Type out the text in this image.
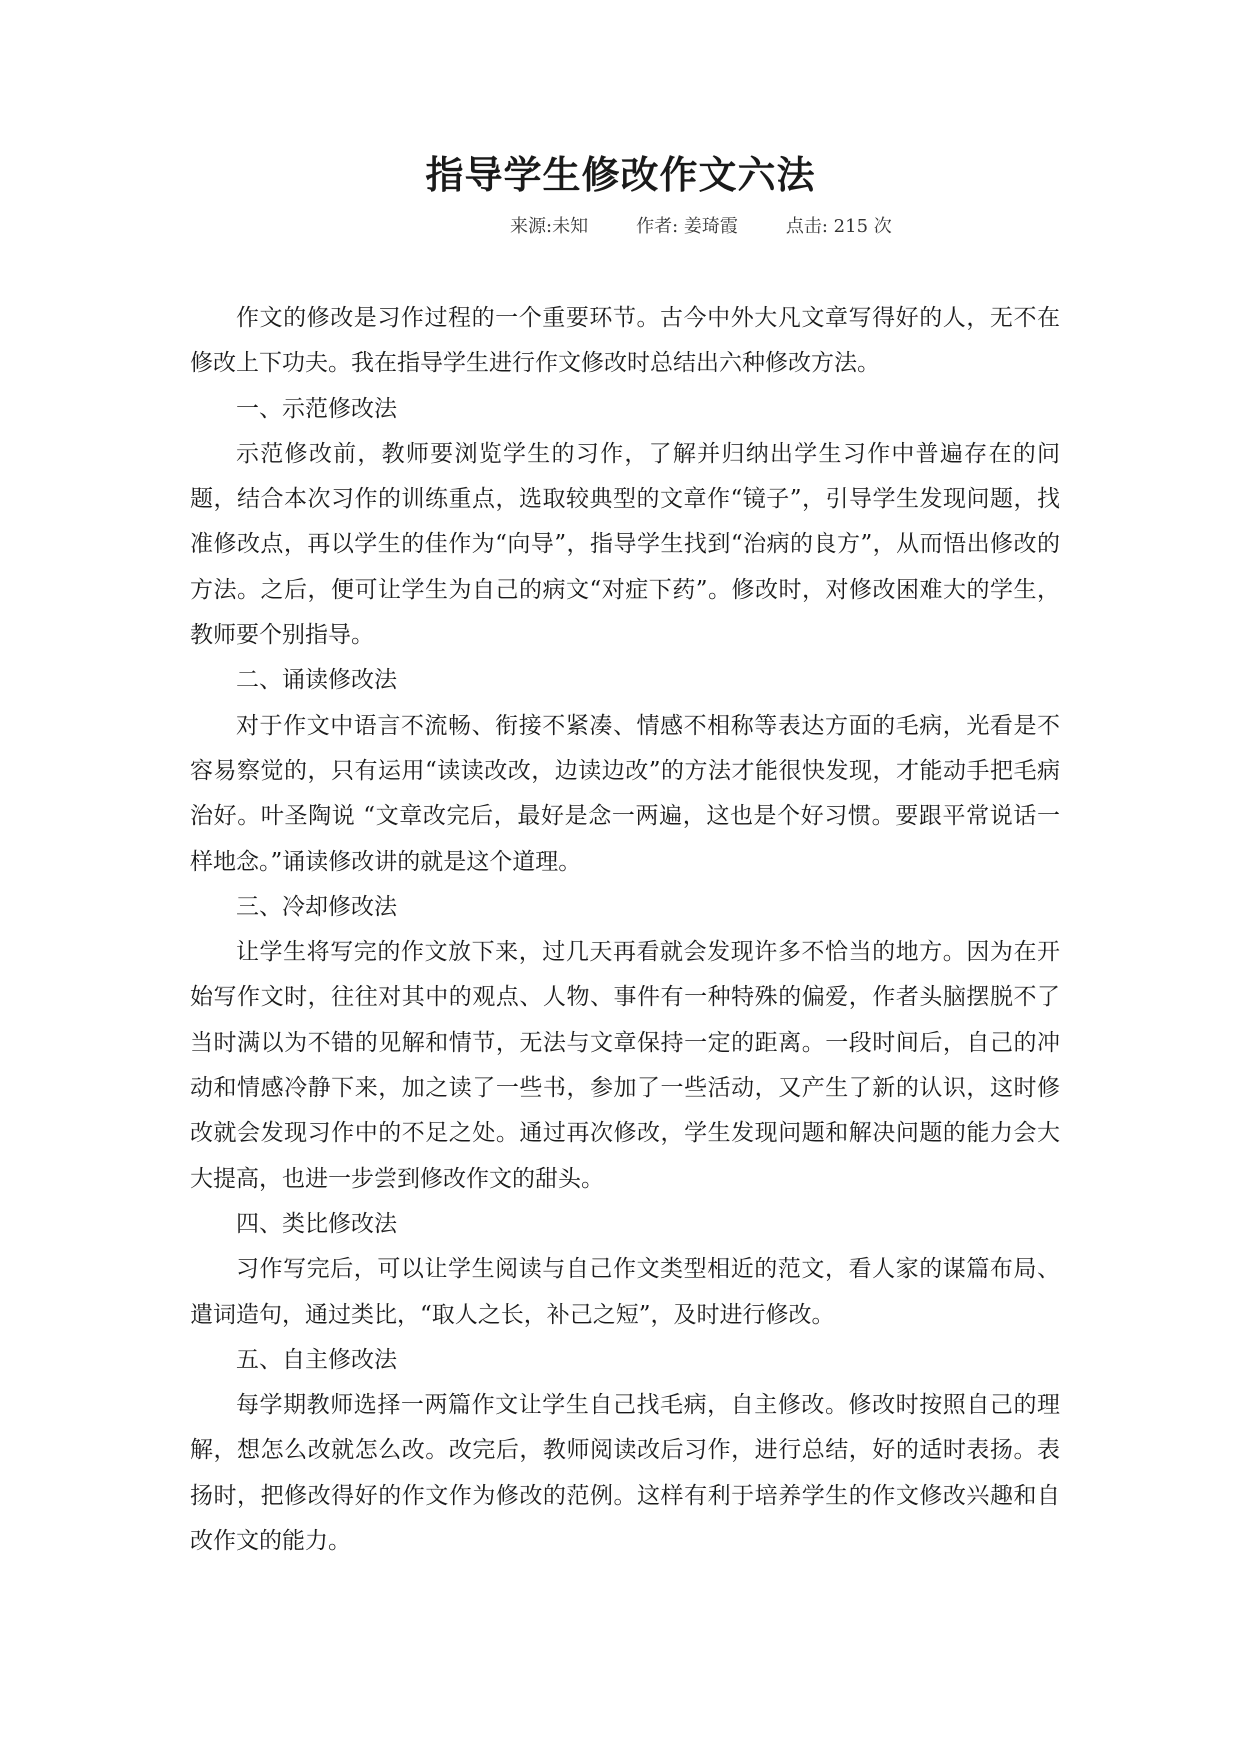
指导学生修改作文六法
来源:未知	作者: 姜琦霞	点击: 215 次

作文的修改是习作过程的一个重要环节。古今中外大凡文章写得好的人，无不在修改上下功夫。我在指导学生进行作文修改时总结出六种修改方法。

一、示范修改法

示范修改前，教师要浏览学生的习作，了解并归纳出学生习作中普遍存在的问题，结合本次习作的训练重点，选取较典型的文章作“镜子”，引导学生发现问题，找准修改点，再以学生的佳作为“向导”，指导学生找到“治病的良方”，从而悟出修改的方法。之后，便可让学生为自己的病文“对症下药”。修改时，对修改困难大的学生，教师要个别指导。

二、诵读修改法

对于作文中语言不流畅、衔接不紧凑、情感不相称等表达方面的毛病，光看是不容易察觉的，只有运用“读读改改，边读边改”的方法才能很快发现，才能动手把毛病治好。叶圣陶说 “文章改完后，最好是念一两遍，这也是个好习惯。要跟平常说话一样地念。”诵读修改讲的就是这个道理。

三、冷却修改法

让学生将写完的作文放下来，过几天再看就会发现许多不恰当的地方。因为在开始写作文时，往往对其中的观点、人物、事件有一种特殊的偏爱，作者头脑摆脱不了当时满以为不错的见解和情节，无法与文章保持一定的距离。一段时间后，自己的冲动和情感冷静下来，加之读了一些书，参加了一些活动，又产生了新的认识，这时修改就会发现习作中的不足之处。通过再次修改，学生发现问题和解决问题的能力会大大提高，也进一步尝到修改作文的甜头。

四、类比修改法

习作写完后，可以让学生阅读与自己作文类型相近的范文，看人家的谋篇布局、遣词造句，通过类比，“取人之长，补己之短”，及时进行修改。

五、自主修改法

每学期教师选择一两篇作文让学生自己找毛病，自主修改。修改时按照自己的理解，想怎么改就怎么改。改完后，教师阅读改后习作，进行总结，好的适时表扬。表扬时，把修改得好的作文作为修改的范例。这样有利于培养学生的作文修改兴趣和自改作文的能力。
